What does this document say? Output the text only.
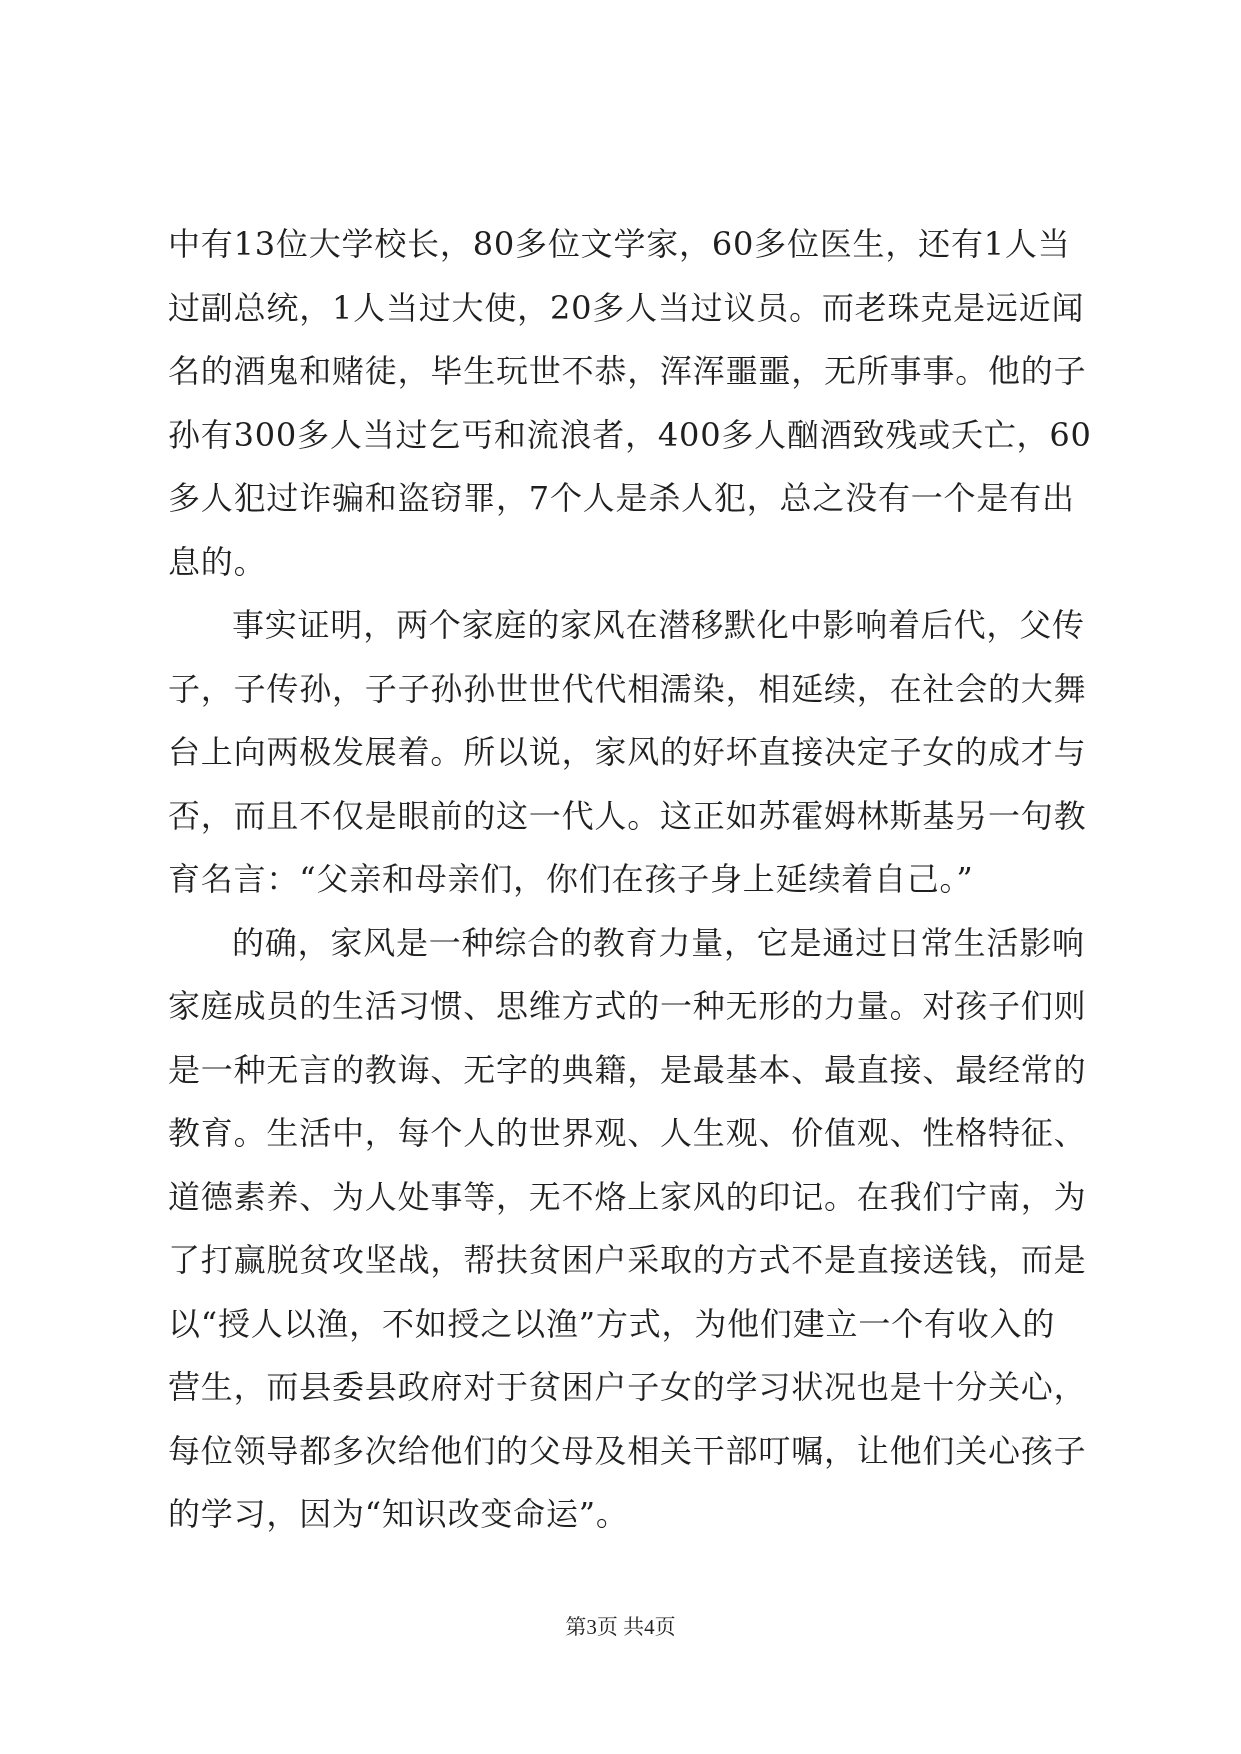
中有13位大学校长，80多位文学家，60多位医生，还有1人当
过副总统，1人当过大使，20多人当过议员。而老珠克是远近闻
名的酒鬼和赌徒，毕生玩世不恭，浑浑噩噩，无所事事。他的子
孙有300多人当过乞丐和流浪者，400多人酗酒致残或夭亡，60
多人犯过诈骗和盗窃罪，7个人是杀人犯，总之没有一个是有出
息的。
事实证明，两个家庭的家风在潜移默化中影响着后代，父传
子，子传孙，子子孙孙世世代代相濡染，相延续，在社会的大舞
台上向两极发展着。所以说，家风的好坏直接决定子女的成才与
否，而且不仅是眼前的这一代人。这正如苏霍姆林斯基另一句教
育名言：“父亲和母亲们，你们在孩子身上延续着自己。”
的确，家风是一种综合的教育力量，它是通过日常生活影响
家庭成员的生活习惯、思维方式的一种无形的力量。对孩子们则
是一种无言的教诲、无字的典籍，是最基本、最直接、最经常的
教育。生活中，每个人的世界观、人生观、价值观、性格特征、
道德素养、为人处事等，无不烙上家风的印记。在我们宁南，为
了打赢脱贫攻坚战，帮扶贫困户采取的方式不是直接送钱，而是
以“授人以渔，不如授之以渔”方式，为他们建立一个有收入的
营生，而县委县政府对于贫困户子女的学习状况也是十分关心，
每位领导都多次给他们的父母及相关干部叮嘱，让他们关心孩子
的学习，因为“知识改变命运”。
第3页 共4页
